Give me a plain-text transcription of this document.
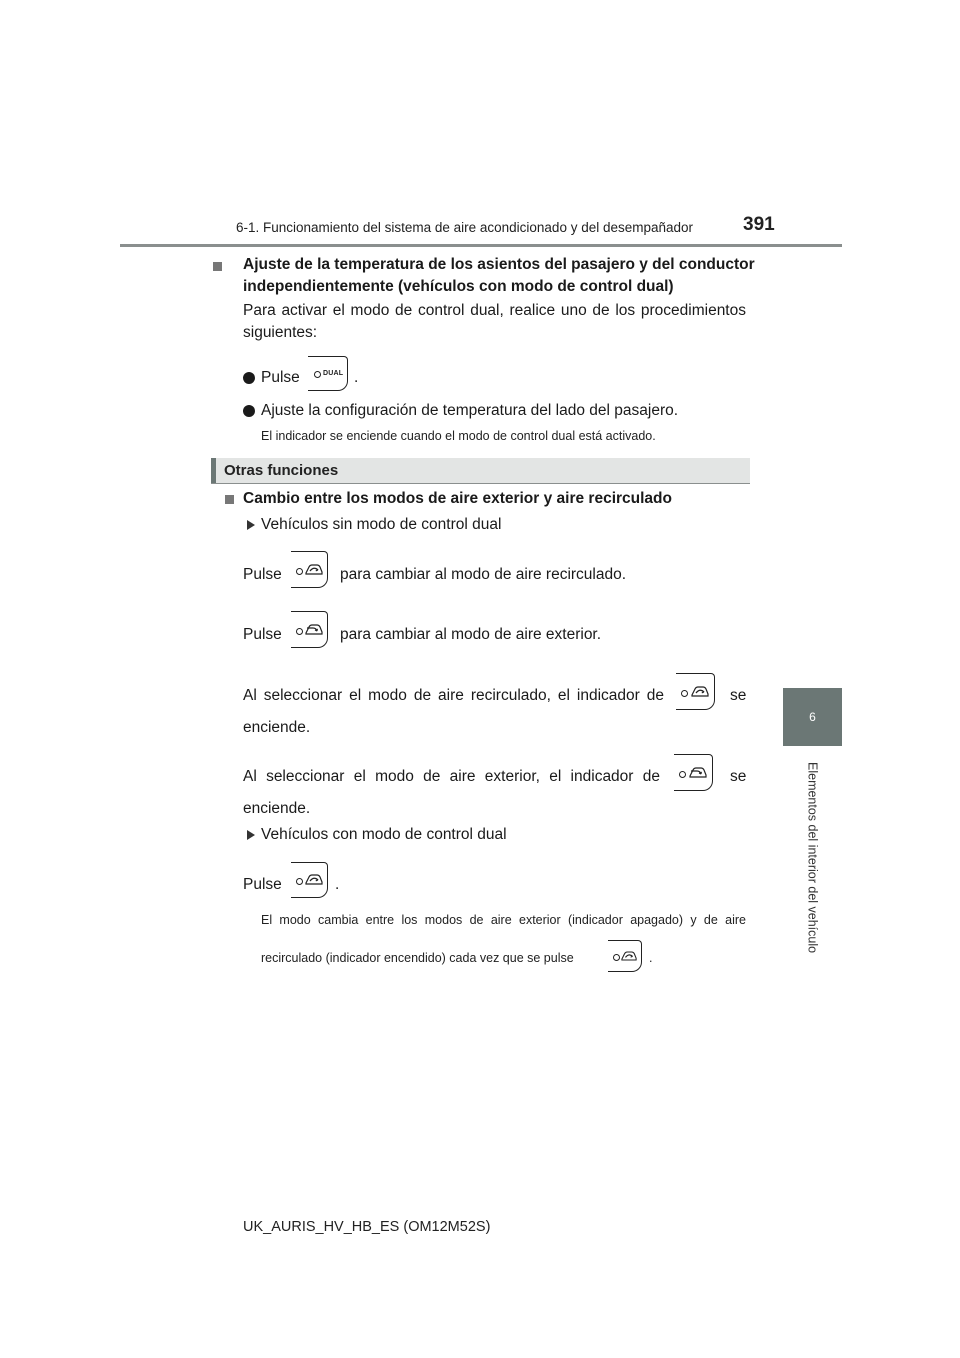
6-1. Funcionamiento del sistema de aire acondicionado y del desempañador	391
6
Elementos del interior del vehículo
Ajuste de la temperatura de los asientos del pasajero y del conductor
independientemente (vehículos con modo de control dual)
Para activar el modo de control dual, realice uno de los procedimientos
siguientes:
Pulse	DUAL .
Ajuste la configuración de temperatura del lado del pasajero.
El indicador se enciende cuando el modo de control dual está activado.
Otras funciones
Cambio entre los modos de aire exterior y aire recirculado
Vehículos sin modo de control dual
Pulse	para cambiar al modo de aire recirculado.
Pulse	para cambiar al modo de aire exterior.
Al seleccionar el modo de aire recirculado, el indicador de	se
enciende.
Al seleccionar el modo de aire exterior, el indicador de	se
enciende.
Vehículos con modo de control dual
Pulse	.
El modo cambia entre los modos de aire exterior (indicador apagado) y de aire
recirculado (indicador encendido) cada vez que se pulse	.
UK_AURIS_HV_HB_ES (OM12M52S)
